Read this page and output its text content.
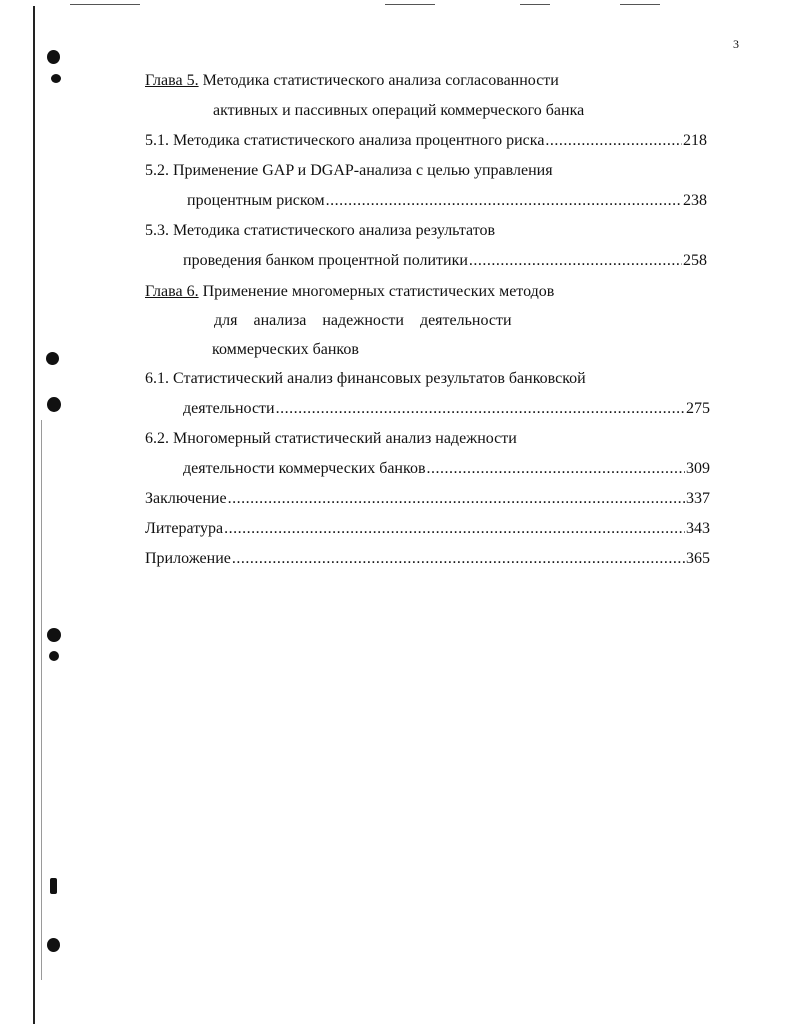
3
Глава 5. Методика статистического анализа согласованности
активных и пассивных операций коммерческого банка
5.1. Методика статистического анализа процентного риска .....	218
5.2. Применение GAP и DGAP-анализа с целью управления
процентным риском .....	238
5.3. Методика статистического анализа результатов
проведения банком процентной политики .....	258
Глава 6. Применение многомерных статистических методов
для анализа надежности деятельности
коммерческих банков
6.1. Статистический анализ финансовых результатов банковской
деятельности .....	275
6.2. Многомерный статистический анализ надежности
деятельности коммерческих банков .....	309
Заключение .....	337
Литература .....	343
Приложение .....	365
